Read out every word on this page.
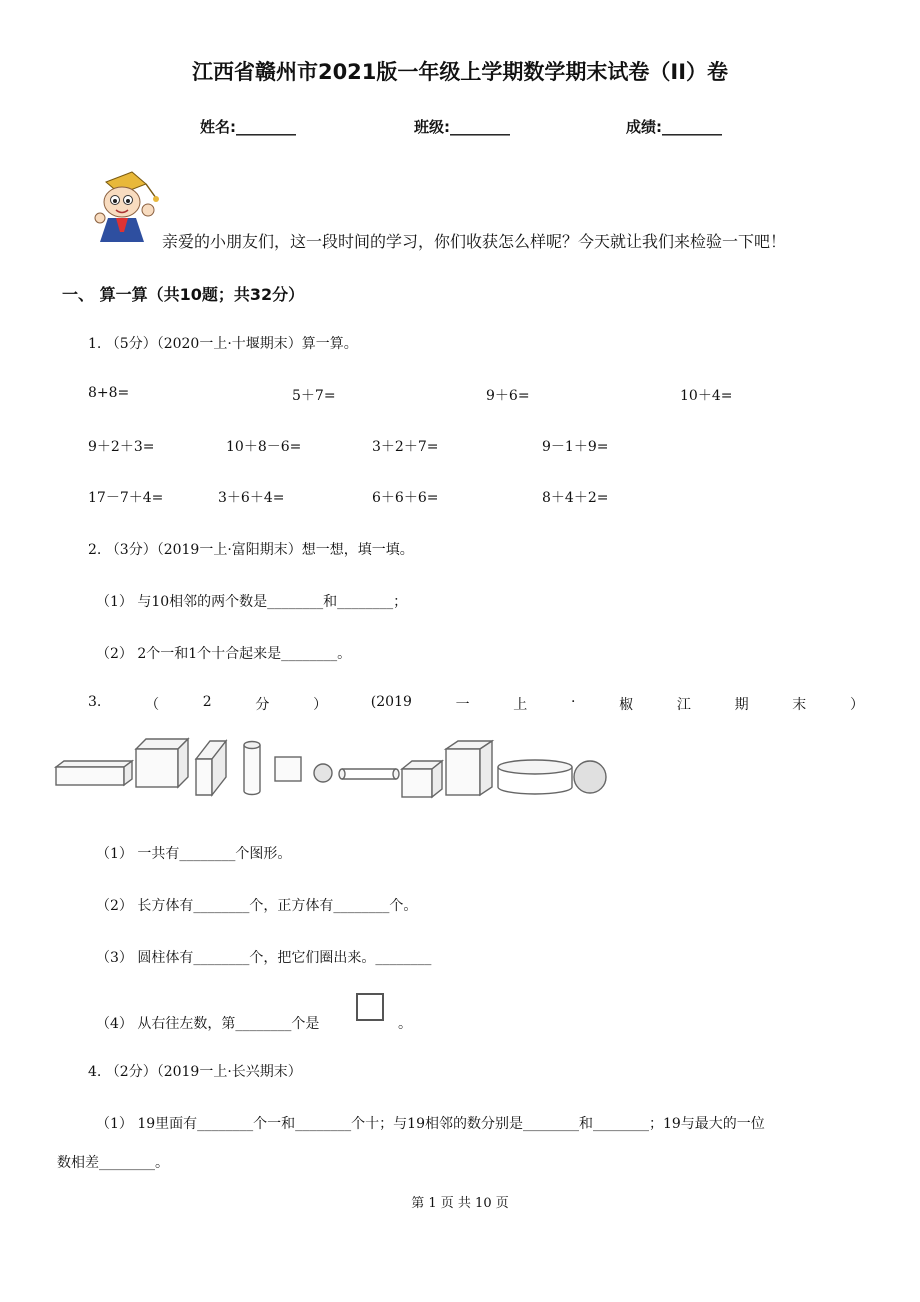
江西省赣州市2021版一年级上学期数学期末试卷（II）卷
姓名:________	班级:________	成绩:________
亲爱的小朋友们，这一段时间的学习，你们收获怎么样呢？今天就让我们来检验一下吧！
一、 算一算（共10题；共32分）
1. （5分）（2020一上·十堰期末）算一算。
8+8=	5＋7=	9＋6=	10＋4=
9＋2＋3=	10＋8－6=	3＋2＋7=	9－1＋9=
17－7＋4=	3＋6＋4=	6＋6＋6=	8＋4＋2=
2. （3分）（2019一上·富阳期末）想一想，填一填。
（1） 与10相邻的两个数是________和________；
（2） 2个一和1个十合起来是________。
3.	（	2	分	）	(2019	一	上	·	椒	江	期	末	）
（1） 一共有________个图形。
（2） 长方体有________个，正方体有________个。
（3） 圆柱体有________个，把它们圈出来。________
（4） 从右往左数，第________个是	。
4. （2分）（2019一上·长兴期末）
（1） 19里面有________个一和________个十；与19相邻的数分别是________和________；19与最大的一位
数相差________。
第 1 页 共 10 页
